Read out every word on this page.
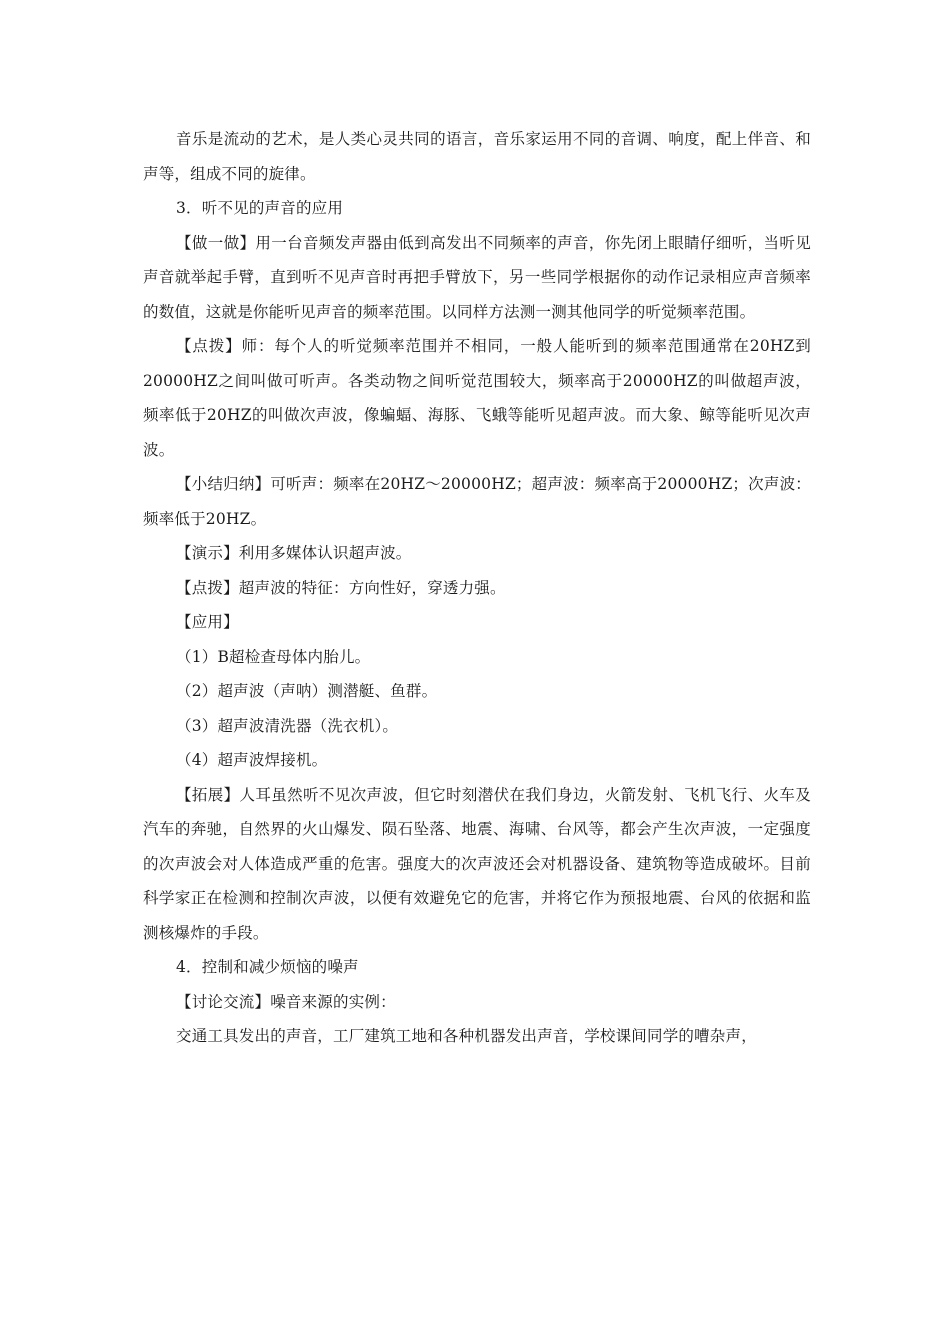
音乐是流动的艺术，是人类心灵共同的语言，音乐家运用不同的音调、响度，配上伴音、和声等，组成不同的旋律。

3．听不见的声音的应用

【做一做】用一台音频发声器由低到高发出不同频率的声音，你先闭上眼睛仔细听，当听见声音就举起手臂，直到听不见声音时再把手臂放下，另一些同学根据你的动作记录相应声音频率的数值，这就是你能听见声音的频率范围。以同样方法测一测其他同学的听觉频率范围。

【点拨】师：每个人的听觉频率范围并不相同，一般人能听到的频率范围通常在20HZ到20000HZ之间叫做可听声。各类动物之间听觉范围较大，频率高于20000HZ的叫做超声波，频率低于20HZ的叫做次声波，像蝙蝠、海豚、飞蛾等能听见超声波。而大象、鲸等能听见次声波。

【小结归纳】可听声：频率在20HZ～20000HZ；超声波：频率高于20000HZ；次声波：频率低于20HZ。

【演示】利用多媒体认识超声波。

【点拨】超声波的特征：方向性好，穿透力强。

【应用】

（1）B超检查母体内胎儿。

（2）超声波（声呐）测潜艇、鱼群。

（3）超声波清洗器（洗衣机）。

（4）超声波焊接机。

【拓展】人耳虽然听不见次声波，但它时刻潜伏在我们身边，火箭发射、飞机飞行、火车及汽车的奔驰，自然界的火山爆发、陨石坠落、地震、海啸、台风等，都会产生次声波，一定强度的次声波会对人体造成严重的危害。强度大的次声波还会对机器设备、建筑物等造成破坏。目前科学家正在检测和控制次声波，以便有效避免它的危害，并将它作为预报地震、台风的依据和监测核爆炸的手段。

4．控制和减少烦恼的噪声

【讨论交流】噪音来源的实例：

交通工具发出的声音，工厂建筑工地和各种机器发出声音，学校课间同学的嘈杂声，
